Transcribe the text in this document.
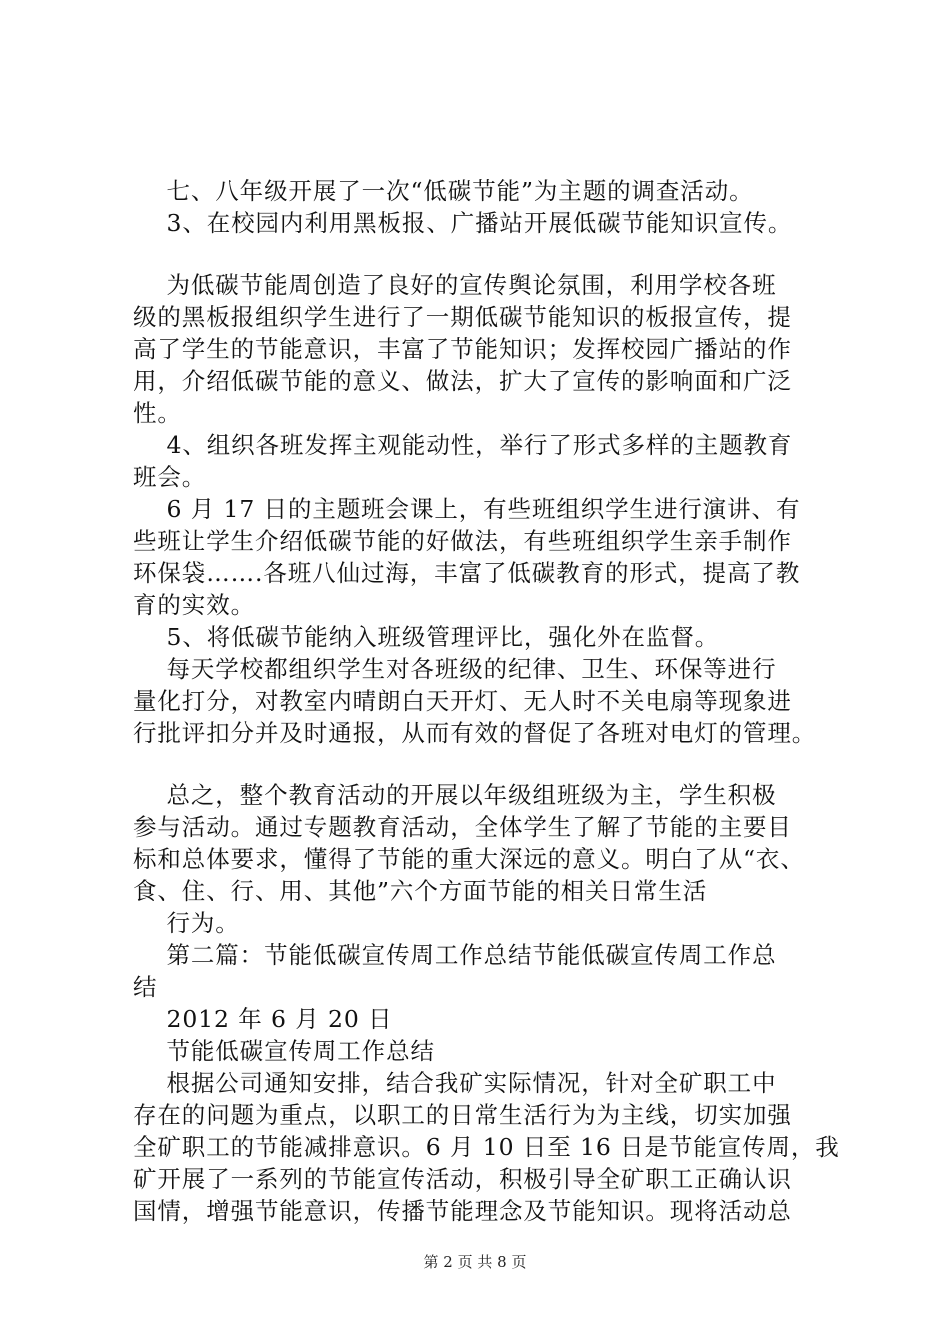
七、八年级开展了一次“低碳节能”为主题的调查活动。
3、在校园内利用黑板报、广播站开展低碳节能知识宣传。
为低碳节能周创造了良好的宣传舆论氛围，利用学校各班
级的黑板报组织学生进行了一期低碳节能知识的板报宣传，提
高了学生的节能意识，丰富了节能知识；发挥校园广播站的作
用，介绍低碳节能的意义、做法，扩大了宣传的影响面和广泛
性。
4、组织各班发挥主观能动性，举行了形式多样的主题教育
班会。
6 月 17 日的主题班会课上，有些班组织学生进行演讲、有
些班让学生介绍低碳节能的好做法，有些班组织学生亲手制作
环保袋…….各班八仙过海，丰富了低碳教育的形式，提高了教
育的实效。
5、将低碳节能纳入班级管理评比，强化外在监督。
每天学校都组织学生对各班级的纪律、卫生、环保等进行
量化打分，对教室内晴朗白天开灯、无人时不关电扇等现象进
行批评扣分并及时通报，从而有效的督促了各班对电灯的管理。
总之，整个教育活动的开展以年级组班级为主，学生积极
参与活动。通过专题教育活动，全体学生了解了节能的主要目
标和总体要求，懂得了节能的重大深远的意义。明白了从“衣、
食、住、行、用、其他”六个方面节能的相关日常生活
行为。
第二篇：节能低碳宣传周工作总结节能低碳宣传周工作总
结
2012 年 6 月 20 日
节能低碳宣传周工作总结
根据公司通知安排，结合我矿实际情况，针对全矿职工中
存在的问题为重点，以职工的日常生活行为为主线，切实加强
全矿职工的节能减排意识。6 月 10 日至 16 日是节能宣传周，我
矿开展了一系列的节能宣传活动，积极引导全矿职工正确认识
国情，增强节能意识，传播节能理念及节能知识。现将活动总
第 2 页 共 8 页
